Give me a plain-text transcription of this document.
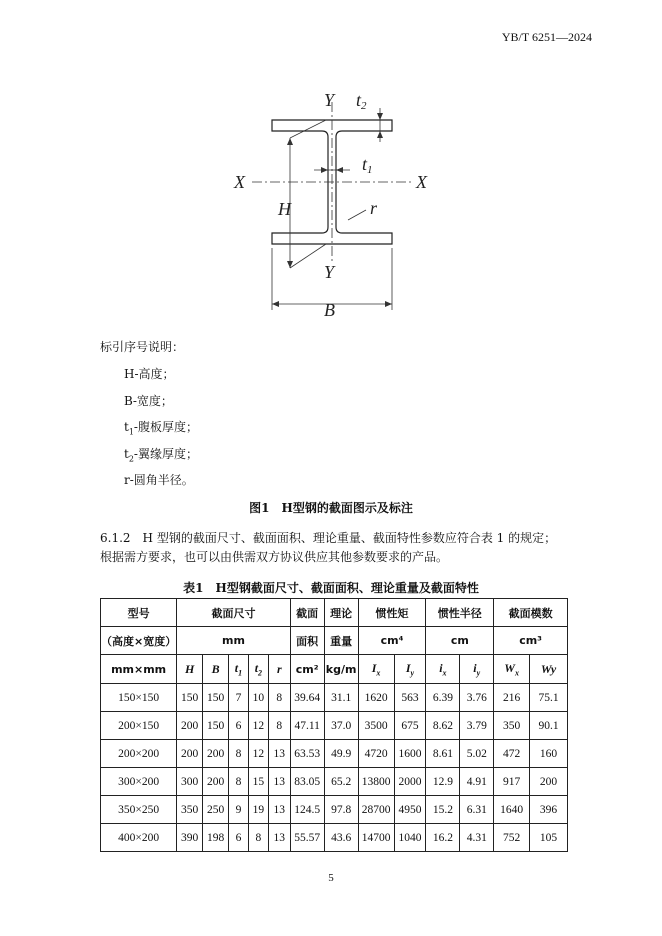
YB/T 6251—2024
Y
Y
X	X
H
B
r
t2
t1
标引序号说明：
H-高度；
B-宽度；
$t_1-$腹板厚度；
$t_2-$翼缘厚度；
r-圆角半径。
图1　H型钢的截面图示及标注
6.1.2　H 型钢的截面尺寸、截面面积、理论重量、截面特性参数应符合表 1 的规定；根据需方要求，也可以由供需双方协议供应其他参数要求的产品。
表1　H型钢截面尺寸、截面面积、理论重量及截面特性
型号	截面尺寸					截面	理论	惯性矩		惯性半径		截面模数	
（高度×宽度）	mm					面积	重量	cm⁴		cm		cm³	
mm×mm	H	B	$t_1$	$t_2$	r	cm²	kg/m	$I_x$	$I_y$	$i_x$	$i_y$	$W_x$	Wy
150×150	150	150	7	10	8	39.64	31.1	1620	563	6.39	3.76	216	75.1
200×150	200	150	6	12	8	47.11	37.0	3500	675	8.62	3.79	350	90.1
200×200	200	200	8	12	13	63.53	49.9	4720	1600	8.61	5.02	472	160
300×200	300	200	8	15	13	83.05	65.2	13800	2000	12.9	4.91	917	200
350×250	350	250	9	19	13	124.5	97.8	28700	4950	15.2	6.31	1640	396
400×200	390	198	6	8	13	55.57	43.6	14700	1040	16.2	4.31	752	105
5
